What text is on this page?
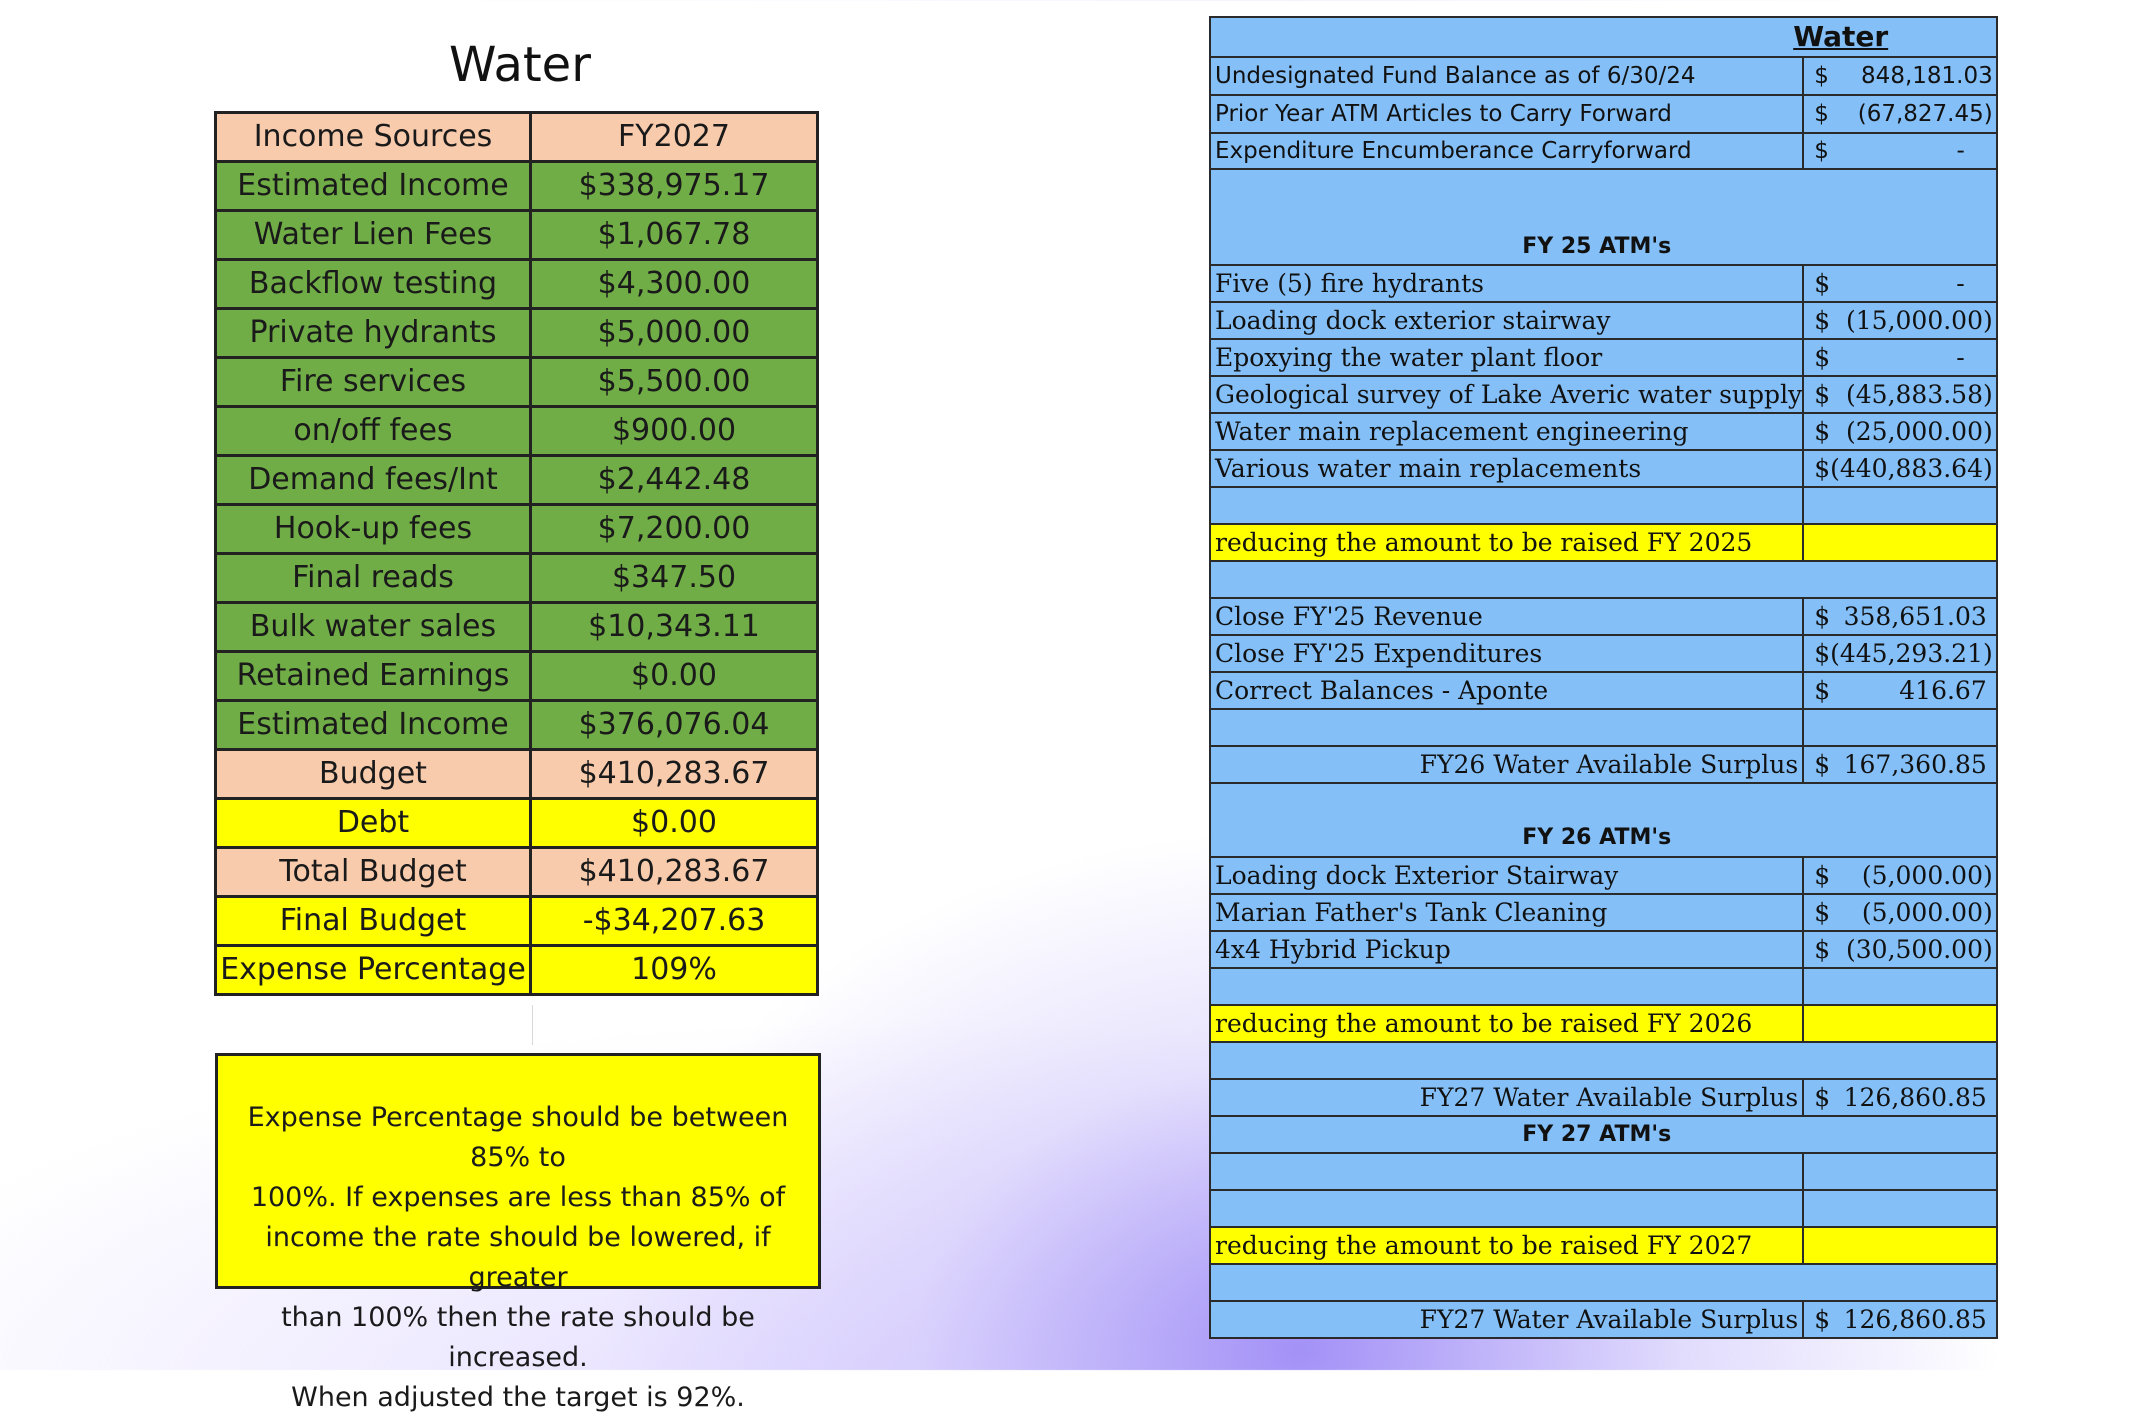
Water
Income Sources	FY2027
Estimated Income	$338,975.17
Water Lien Fees	$1,067.78
Backflow testing	$4,300.00
Private hydrants	$5,000.00
Fire services	$5,500.00
on/off fees	$900.00
Demand fees/Int	$2,442.48
Hook-up fees	$7,200.00
Final reads	$347.50
Bulk water sales	$10,343.11
Retained Earnings	$0.00
Estimated Income	$376,076.04
Budget	$410,283.67
Debt	$0.00
Total Budget	$410,283.67
Final Budget	-$34,207.63
Expense Percentage	109%

Expense Percentage should be between 85% to

100%. If expenses are less than 85% of

income the rate should be lowered, if greater

than 100% then the rate should be increased.

When adjusted the target is 92%.

Water	
Undesignated Fund Balance as of 6/30/24	$ 848,181.03

Prior Year ATM Articles to Carry Forward	$ (67,827.45)

Expenditure Encumberance Carryforward	$ -

FY 25 ATM's	
Five (5) fire hydrants	$ -

Loading dock exterior stairway	$ (15,000.00)

Epoxying the water plant floor	$ -

Geological survey of Lake Averic water supply	$ (45,883.58)

Water main replacement engineering	$ (25,000.00)

Various water main replacements	$ (440,883.64)

reducing the amount to be raised FY 2025	

Close FY'25 Revenue	$ 358,651.03

Close FY'25 Expenditures	$ (445,293.21)

Correct Balances - Aponte	$ 416.67

FY26 Water Available Surplus	$ 167,360.85

FY 26 ATM's	
Loading dock Exterior Stairway	$ (5,000.00)

Marian Father's Tank Cleaning	$ (5,000.00)

4x4 Hybrid Pickup	$ (30,500.00)

reducing the amount to be raised FY 2026	

FY27 Water Available Surplus	$ 126,860.85

FY 27 ATM's	

reducing the amount to be raised FY 2027	

FY27 Water Available Surplus	$ 126,860.85
